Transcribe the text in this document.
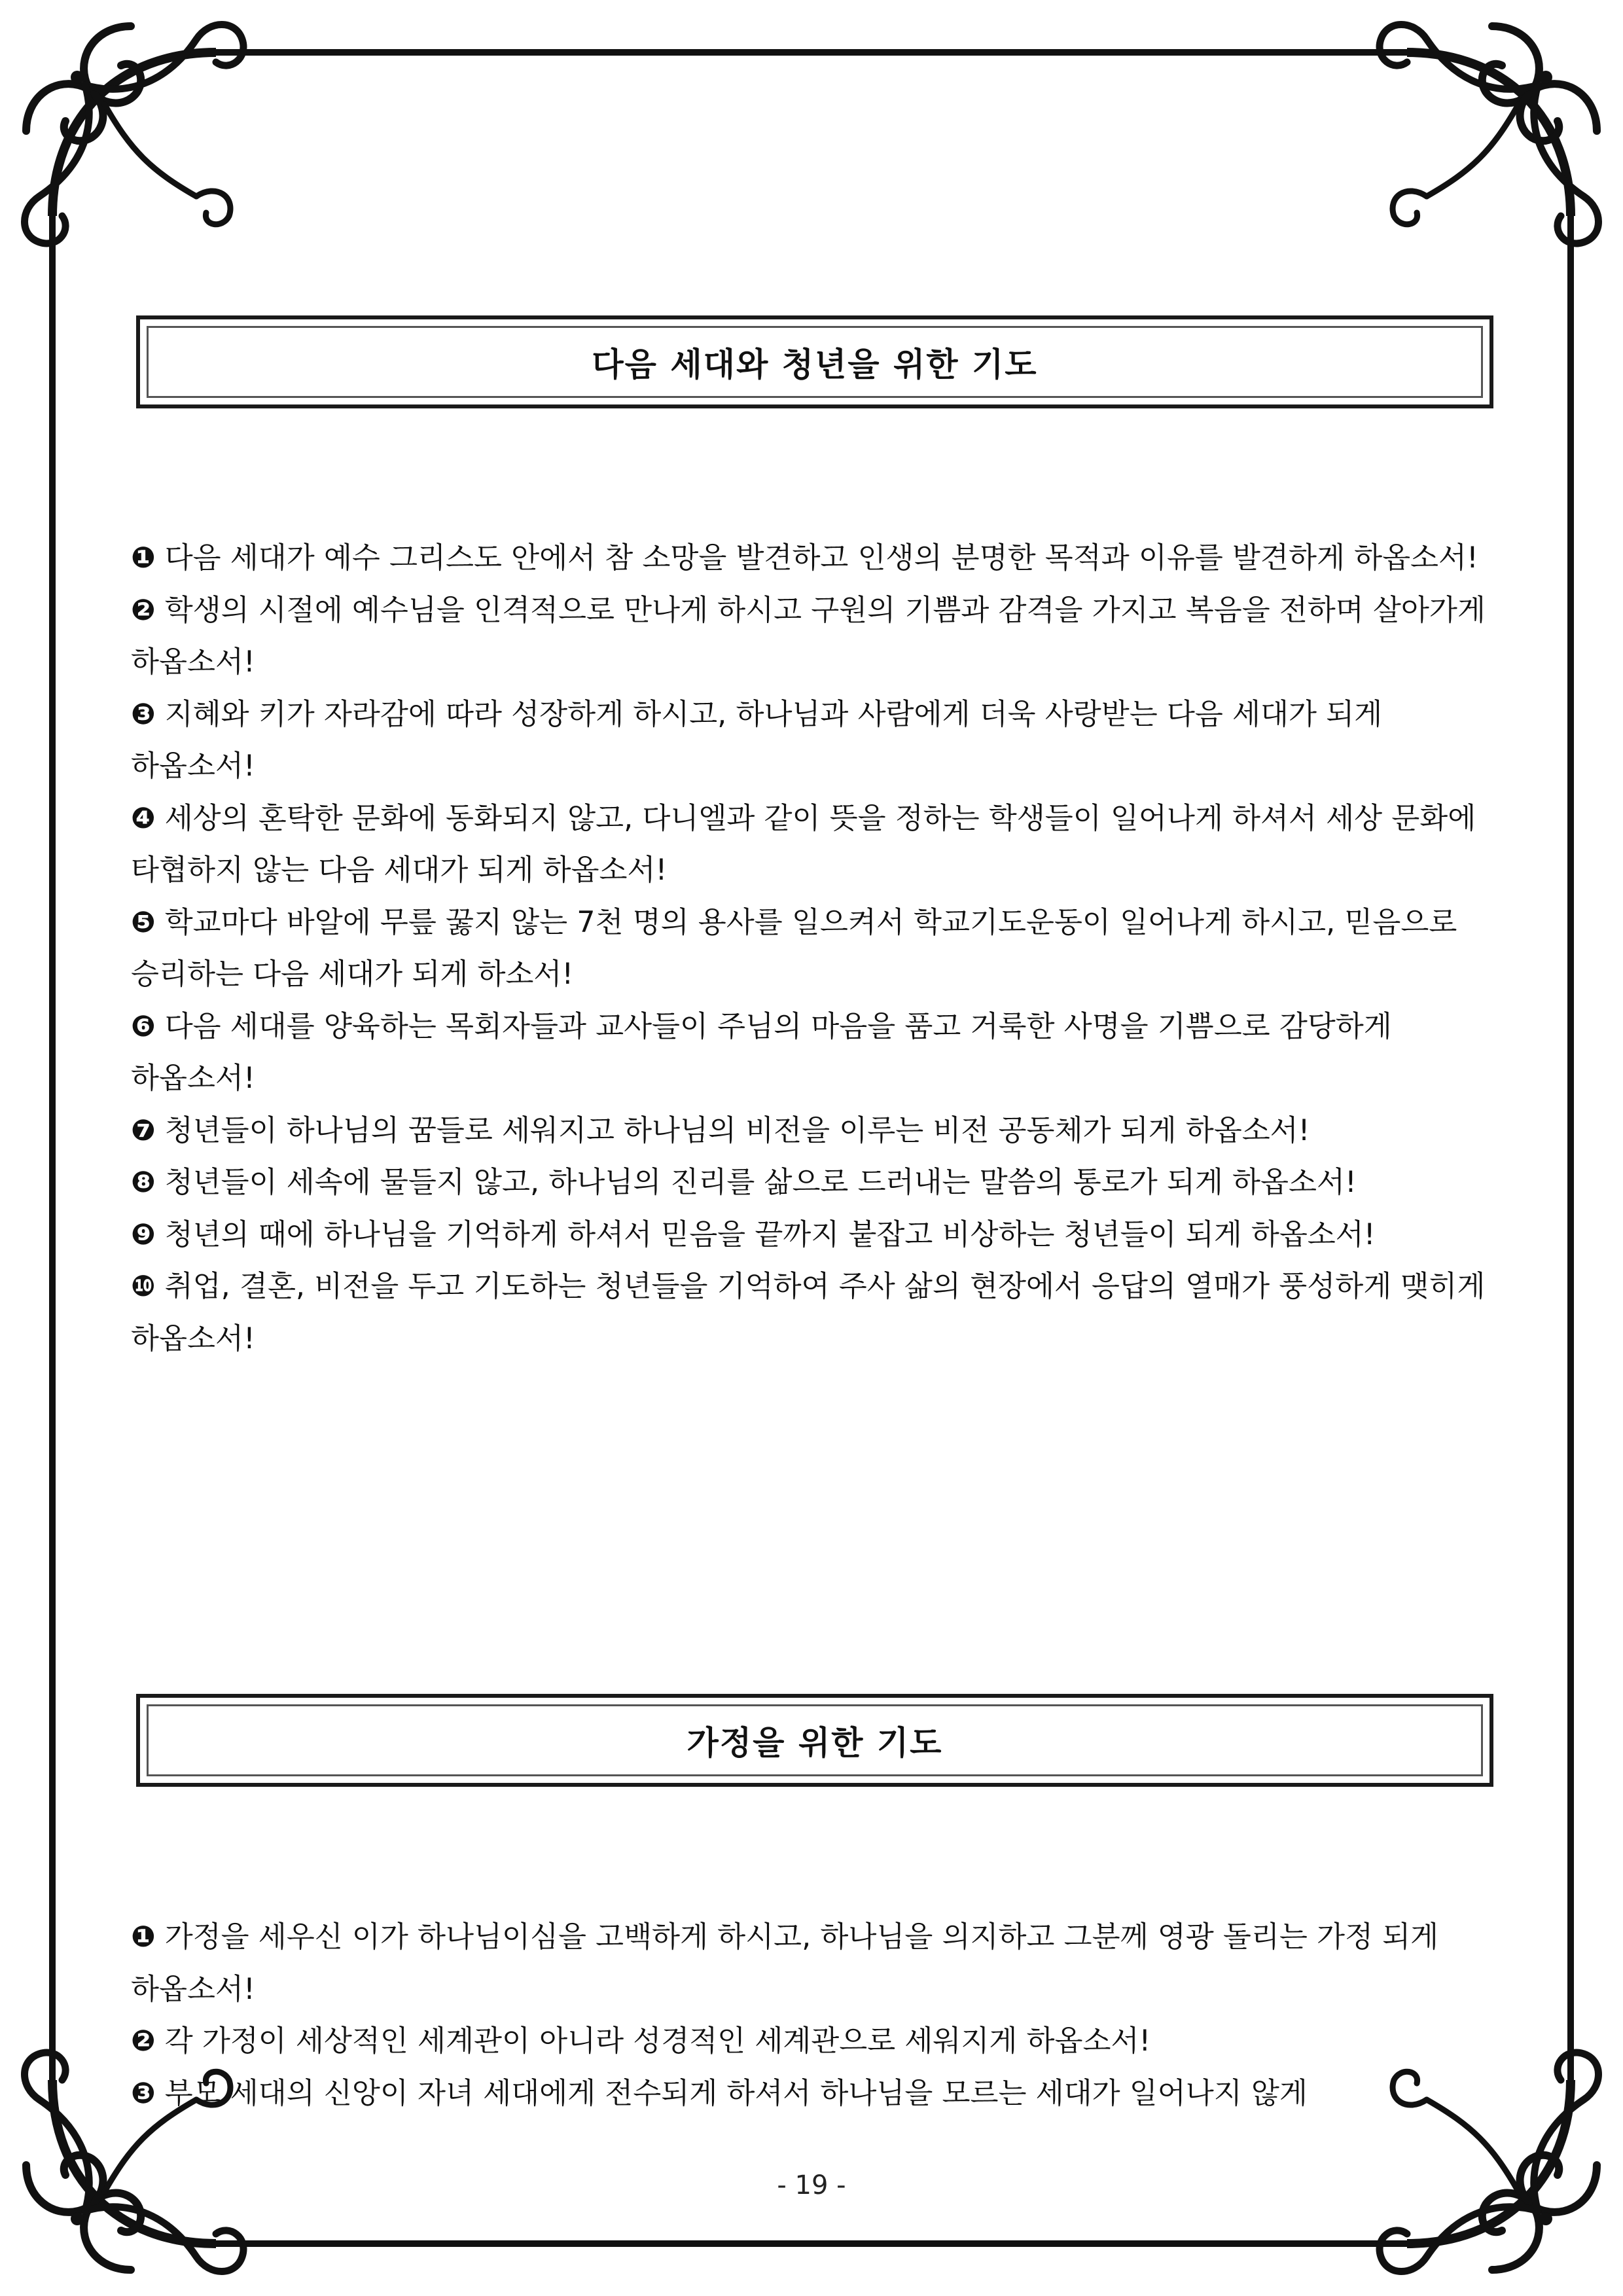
다음 세대와 청년을 위한 기도
❶ 다음 세대가 예수 그리스도 안에서 참 소망을 발견하고 인생의 분명한 목적과 이유를 발견하게 하옵소서!
❷ 학생의 시절에 예수님을 인격적으로 만나게 하시고 구원의 기쁨과 감격을 가지고 복음을 전하며 살아가게 하옵소서!
❸ 지혜와 키가 자라감에 따라 성장하게 하시고, 하나님과 사람에게 더욱 사랑받는 다음 세대가 되게 하옵소서!
❹ 세상의 혼탁한 문화에 동화되지 않고, 다니엘과 같이 뜻을 정하는 학생들이 일어나게 하셔서 세상 문화에 타협하지 않는 다음 세대가 되게 하옵소서!
❺ 학교마다 바알에 무릎 꿇지 않는 7천 명의 용사를 일으켜서 학교기도운동이 일어나게 하시고, 믿음으로 승리하는 다음 세대가 되게 하소서!
❻ 다음 세대를 양육하는 목회자들과 교사들이 주님의 마음을 품고 거룩한 사명을 기쁨으로 감당하게 하옵소서!
❼ 청년들이 하나님의 꿈들로 세워지고 하나님의 비전을 이루는 비전 공동체가 되게 하옵소서!
❽ 청년들이 세속에 물들지 않고, 하나님의 진리를 삶으로 드러내는 말씀의 통로가 되게 하옵소서!
❾ 청년의 때에 하나님을 기억하게 하셔서 믿음을 끝까지 붙잡고 비상하는 청년들이 되게 하옵소서!
❿ 취업, 결혼, 비전을 두고 기도하는 청년들을 기억하여 주사 삶의 현장에서 응답의 열매가 풍성하게 맺히게 하옵소서!
가정을 위한 기도
❶ 가정을 세우신 이가 하나님이심을 고백하게 하시고, 하나님을 의지하고 그분께 영광 돌리는 가정 되게 하옵소서!
❷ 각 가정이 세상적인 세계관이 아니라 성경적인 세계관으로 세워지게 하옵소서!
❸ 부모 세대의 신앙이 자녀 세대에게 전수되게 하셔서 하나님을 모르는 세대가 일어나지 않게
- 19 -
